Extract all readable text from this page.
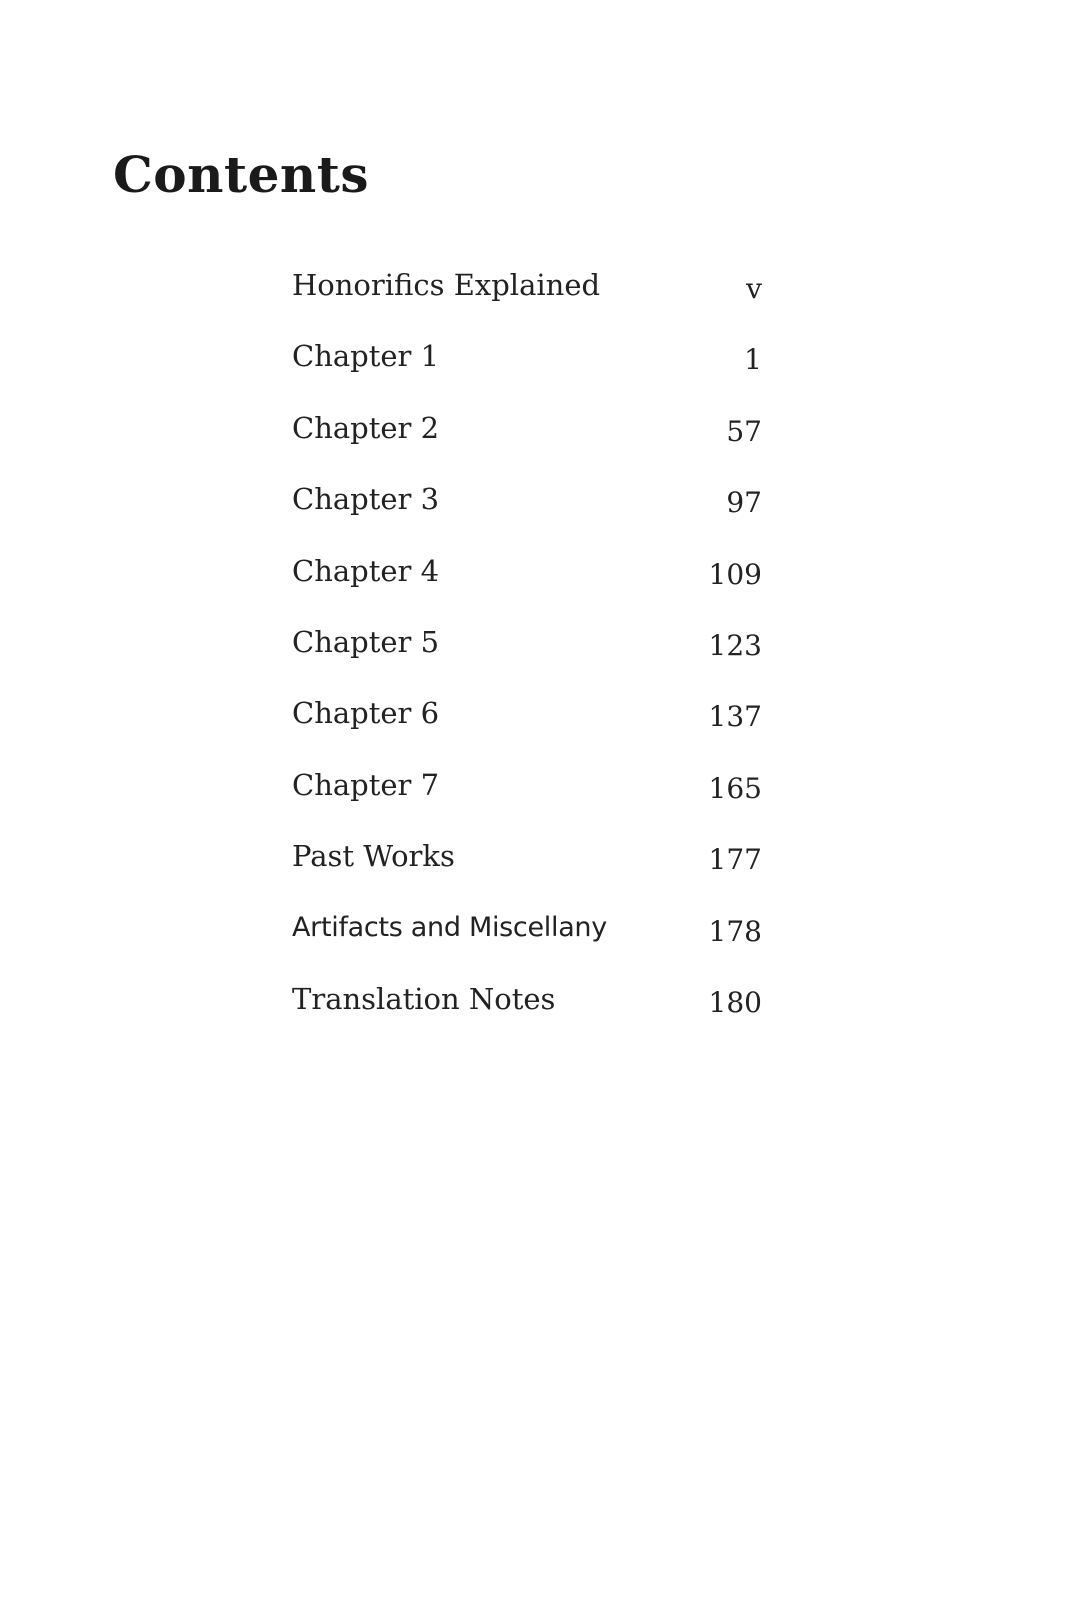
Contents
Honorifics Explained	v
Chapter 1	1
Chapter 2	57
Chapter 3	97
Chapter 4	109
Chapter 5	123
Chapter 6	137
Chapter 7	165
Past Works	177
Artifacts and Miscellany	178
Translation Notes	180
